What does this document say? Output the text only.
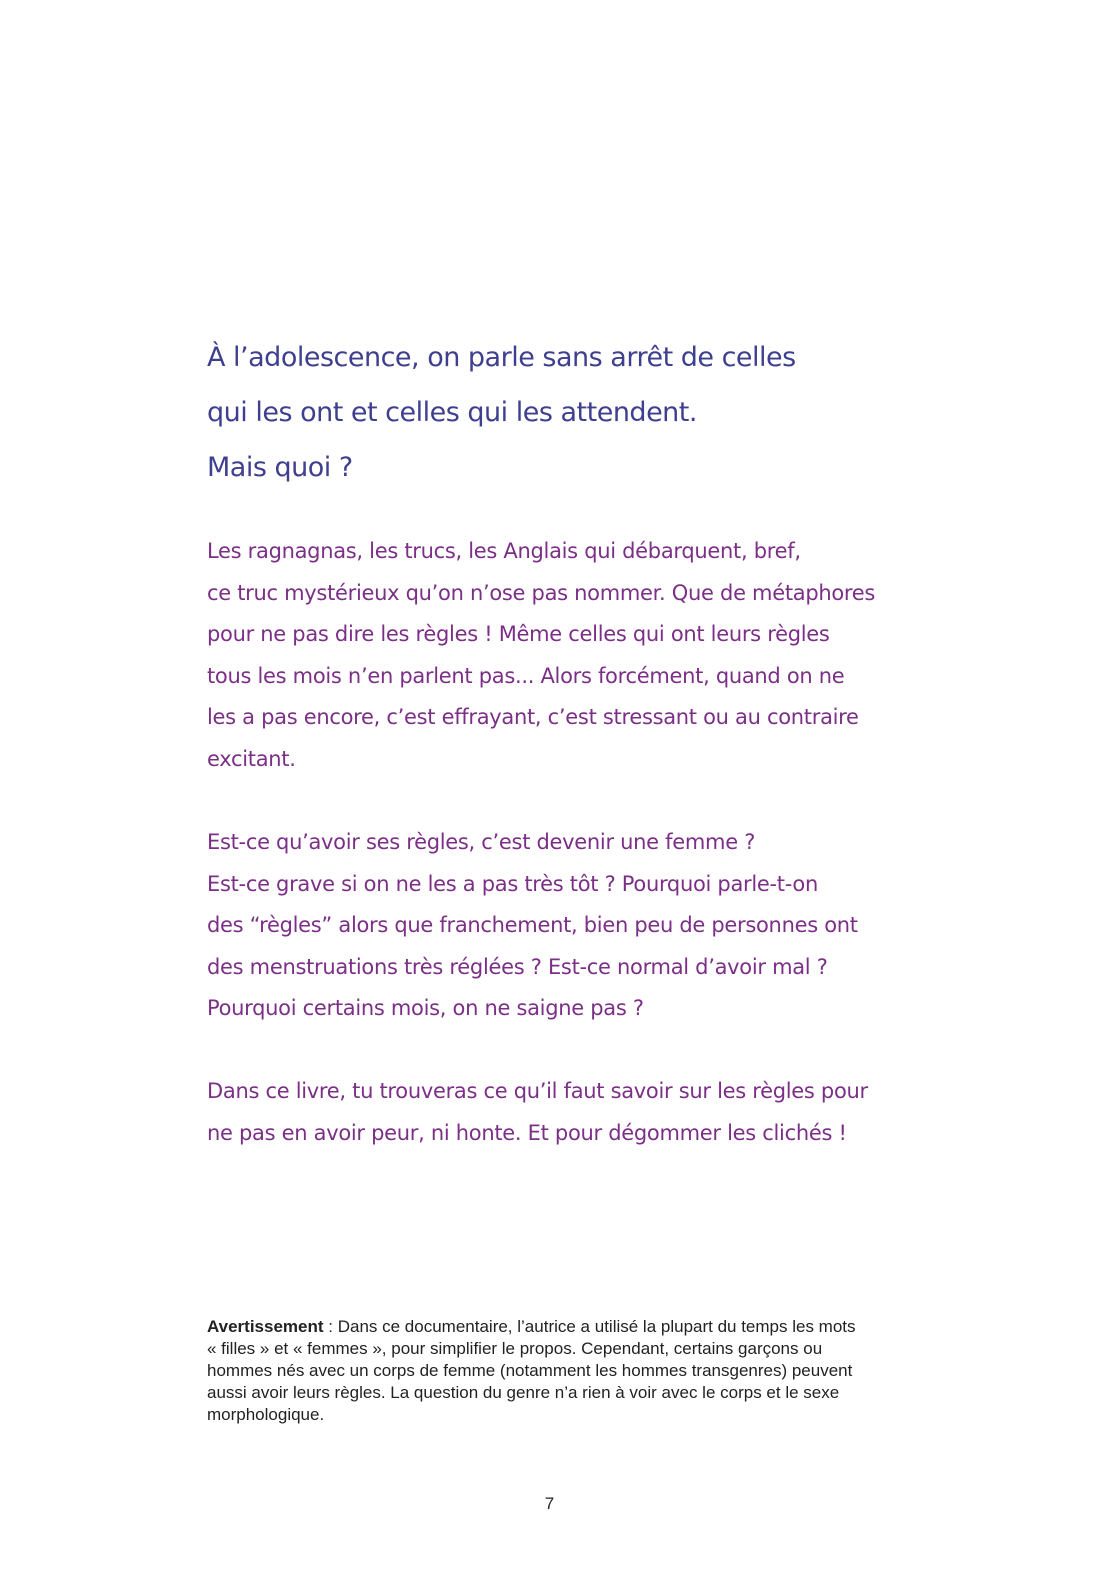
À l’adolescence, on parle sans arrêt de celles
qui les ont et celles qui les attendent.
Mais quoi ?

Les ragnagnas, les trucs, les Anglais qui débarquent, bref,
ce truc mystérieux qu’on n’ose pas nommer. Que de métaphores
pour ne pas dire les règles ! Même celles qui ont leurs règles
tous les mois n’en parlent pas... Alors forcément, quand on ne
les a pas encore, c’est effrayant, c’est stressant ou au contraire
excitant.

Est-ce qu’avoir ses règles, c’est devenir une femme ?
Est-ce grave si on ne les a pas très tôt ? Pourquoi parle-t-on
des “règles” alors que franchement, bien peu de personnes ont
des menstruations très réglées ? Est-ce normal d’avoir mal ?
Pourquoi certains mois, on ne saigne pas ?

Dans ce livre, tu trouveras ce qu’il faut savoir sur les règles pour
ne pas en avoir peur, ni honte. Et pour dégommer les clichés !

Avertissement : Dans ce documentaire, l’autrice a utilisé la plupart du temps les mots
« filles » et « femmes », pour simplifier le propos. Cependant, certains garçons ou
hommes nés avec un corps de femme (notamment les hommes transgenres) peuvent
aussi avoir leurs règles. La question du genre n’a rien à voir avec le corps et le sexe
morphologique.

7
